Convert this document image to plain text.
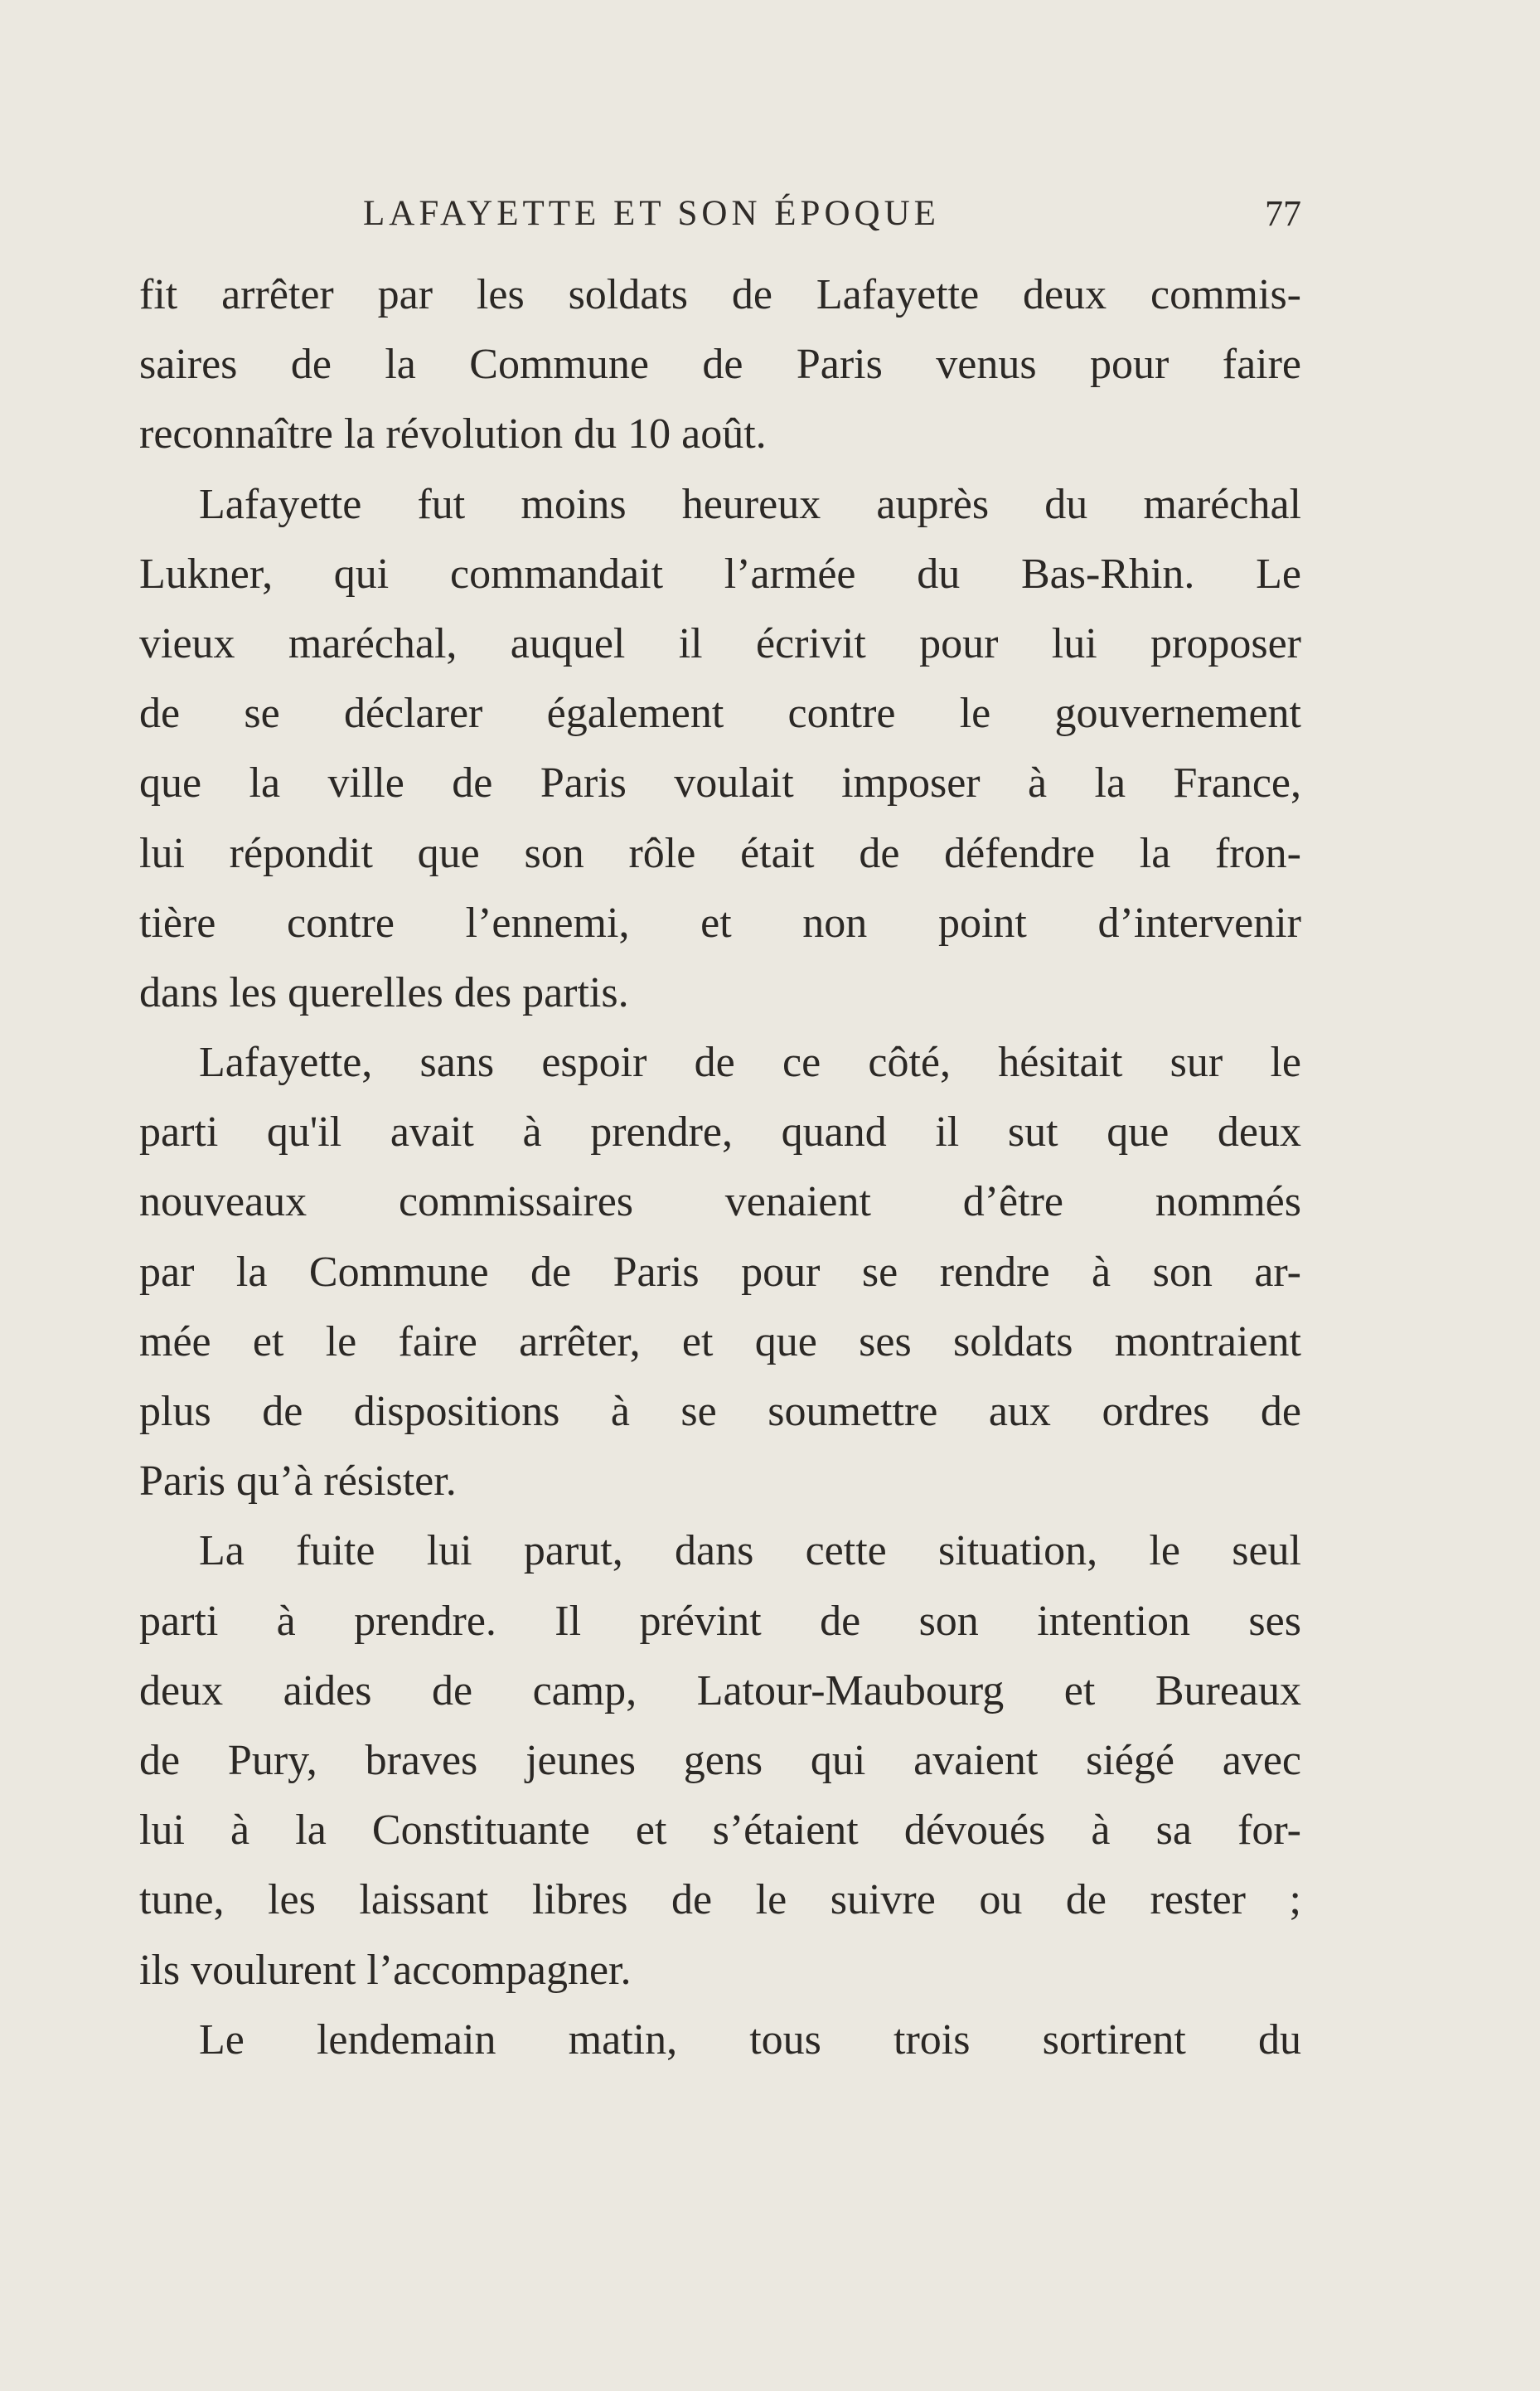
LAFAYETTE ET SON ÉPOQUE	77
fit arrêter par les soldats de Lafayette deux commis-
saires de la Commune de Paris venus pour faire
reconnaître la révolution du 10 août.
Lafayette fut moins heureux auprès du maréchal
Lukner, qui commandait l’armée du Bas-Rhin. Le
vieux maréchal, auquel il écrivit pour lui proposer
de se déclarer également contre le gouvernement
que la ville de Paris voulait imposer à la France,
lui répondit que son rôle était de défendre la fron-
tière contre l’ennemi, et non point d’intervenir
dans les querelles des partis.
Lafayette, sans espoir de ce côté, hésitait sur le
parti qu'il avait à prendre, quand il sut que deux
nouveaux commissaires venaient d’être nommés
par la Commune de Paris pour se rendre à son ar-
mée et le faire arrêter, et que ses soldats montraient
plus de dispositions à se soumettre aux ordres de
Paris qu’à résister.
La fuite lui parut, dans cette situation, le seul
parti à prendre. Il prévint de son intention ses
deux aides de camp, Latour-Maubourg et Bureaux
de Pury, braves jeunes gens qui avaient siégé avec
lui à la Constituante et s’étaient dévoués à sa for-
tune, les laissant libres de le suivre ou de rester ;
ils voulurent l’accompagner.
Le lendemain matin, tous trois sortirent du
